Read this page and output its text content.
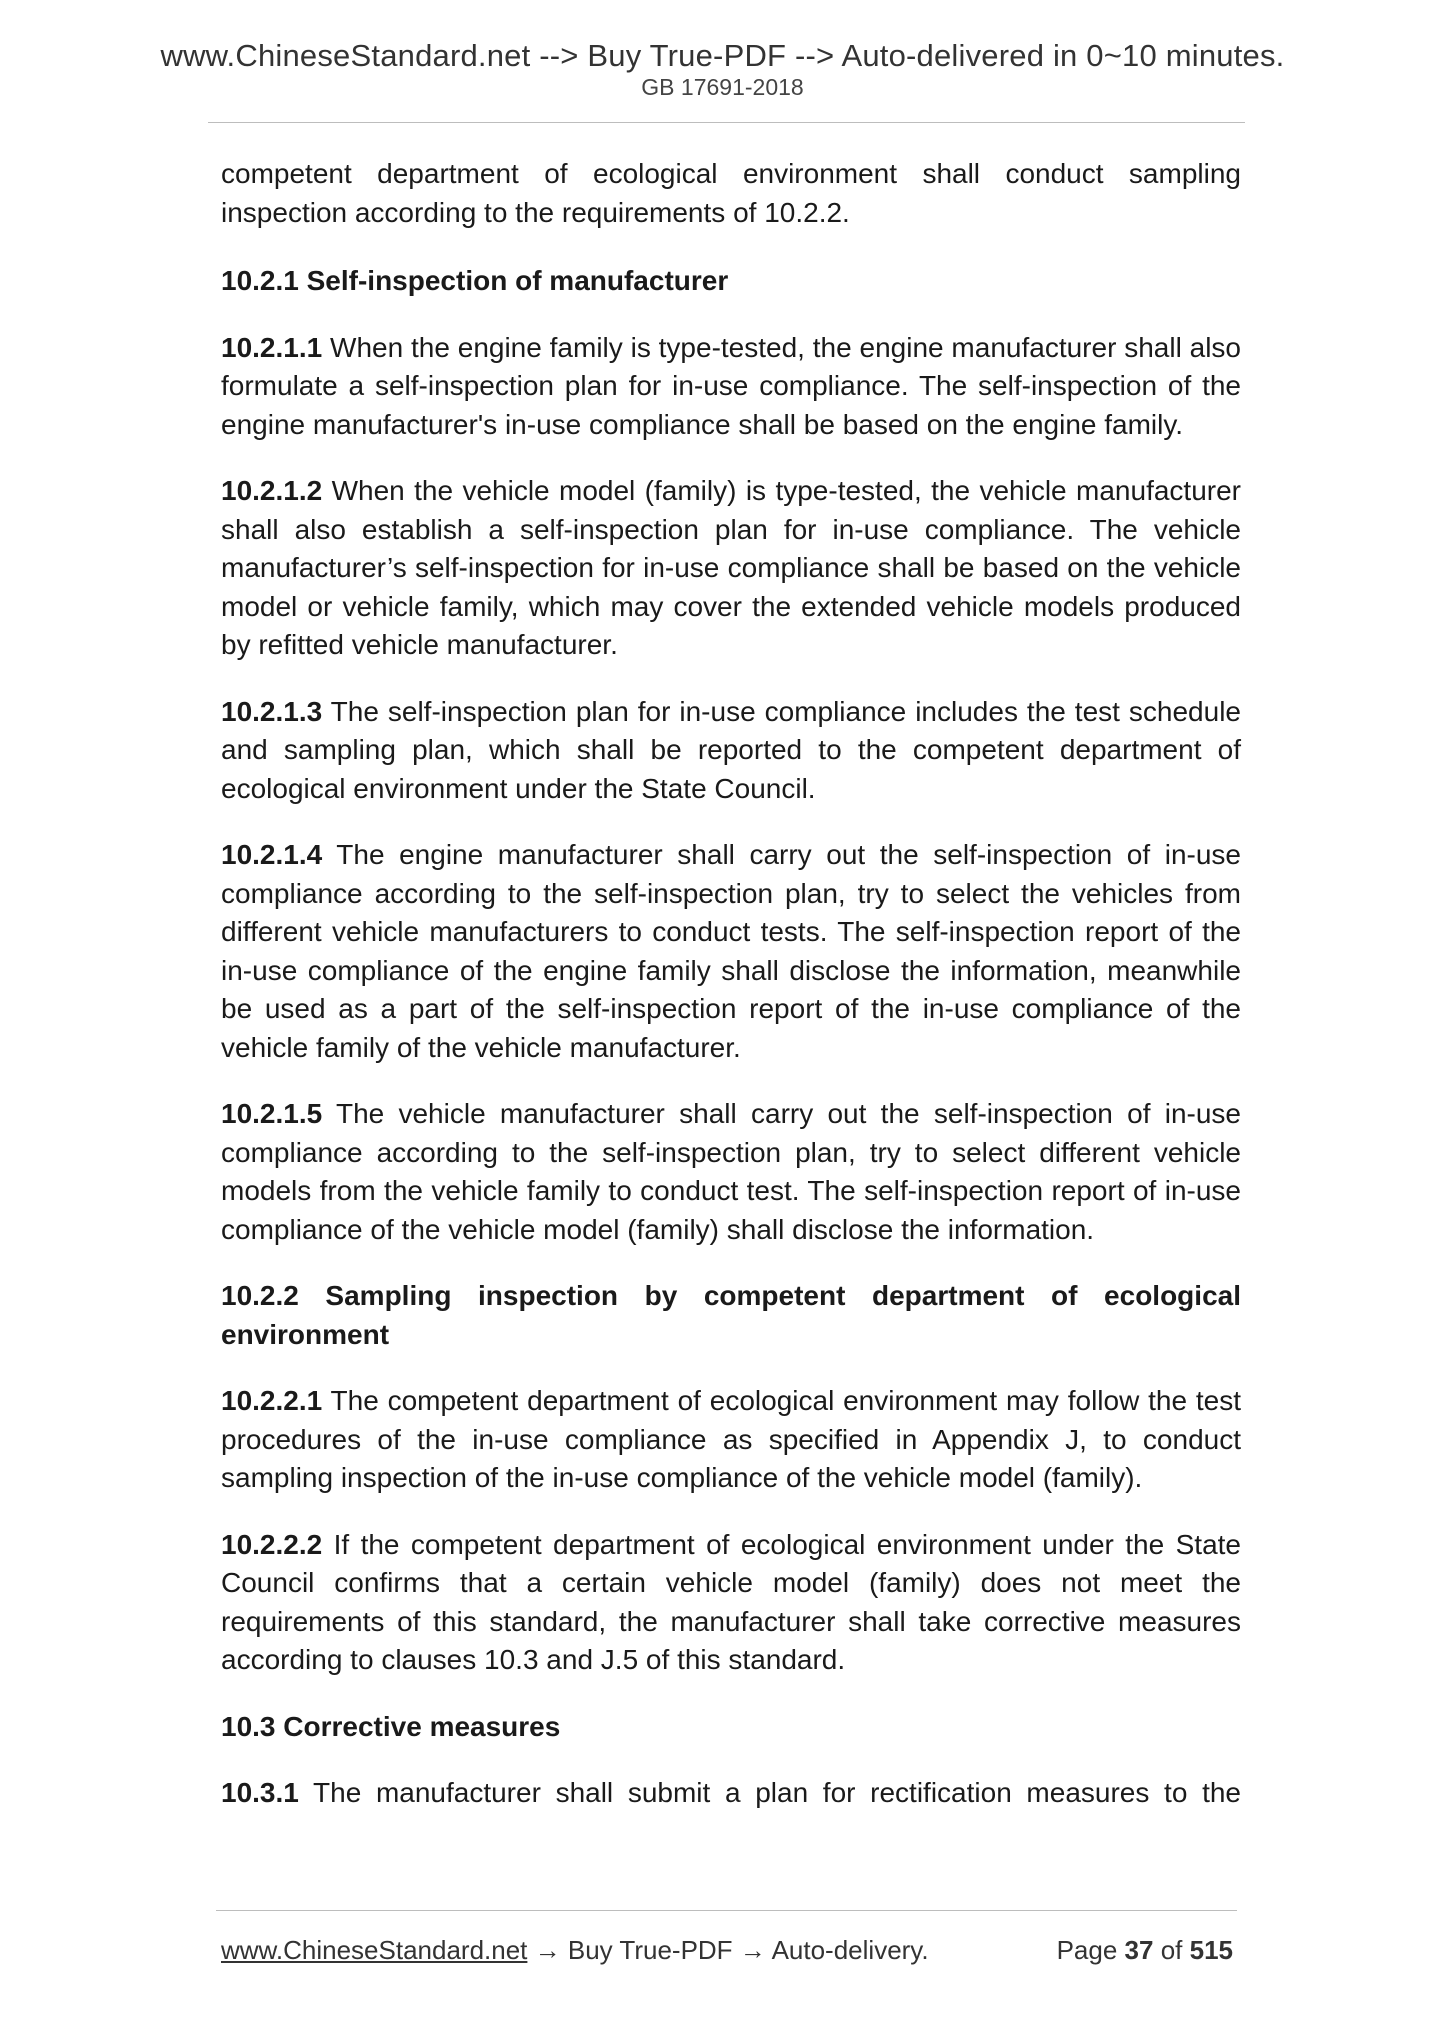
www.ChineseStandard.net --> Buy True-PDF --> Auto-delivered in 0~10 minutes.
GB 17691-2018

competent department of ecological environment shall conduct sampling inspection according to the requirements of 10.2.2.

10.2.1 Self-inspection of manufacturer

10.2.1.1 When the engine family is type-tested, the engine manufacturer shall also formulate a self-inspection plan for in-use compliance. The self-inspection of the engine manufacturer's in-use compliance shall be based on the engine family.

10.2.1.2 When the vehicle model (family) is type-tested, the vehicle manufacturer shall also establish a self-inspection plan for in-use compliance. The vehicle manufacturer’s self-inspection for in-use compliance shall be based on the vehicle model or vehicle family, which may cover the extended vehicle models produced by refitted vehicle manufacturer.

10.2.1.3 The self-inspection plan for in-use compliance includes the test schedule and sampling plan, which shall be reported to the competent department of ecological environment under the State Council.

10.2.1.4 The engine manufacturer shall carry out the self-inspection of in-use compliance according to the self-inspection plan, try to select the vehicles from different vehicle manufacturers to conduct tests. The self-inspection report of the in-use compliance of the engine family shall disclose the information, meanwhile be used as a part of the self-inspection report of the in-use compliance of the vehicle family of the vehicle manufacturer.

10.2.1.5 The vehicle manufacturer shall carry out the self-inspection of in-use compliance according to the self-inspection plan, try to select different vehicle models from the vehicle family to conduct test. The self-inspection report of in-use compliance of the vehicle model (family) shall disclose the information.

10.2.2 Sampling inspection by competent department of ecological environment

10.2.2.1 The competent department of ecological environment may follow the test procedures of the in-use compliance as specified in Appendix J, to conduct sampling inspection of the in-use compliance of the vehicle model (family).

10.2.2.2 If the competent department of ecological environment under the State Council confirms that a certain vehicle model (family) does not meet the requirements of this standard, the manufacturer shall take corrective measures according to clauses 10.3 and J.5 of this standard.

10.3 Corrective measures

10.3.1 The manufacturer shall submit a plan for rectification measures to the

www.ChineseStandard.net → Buy True-PDF → Auto-delivery.	Page 37 of 515
